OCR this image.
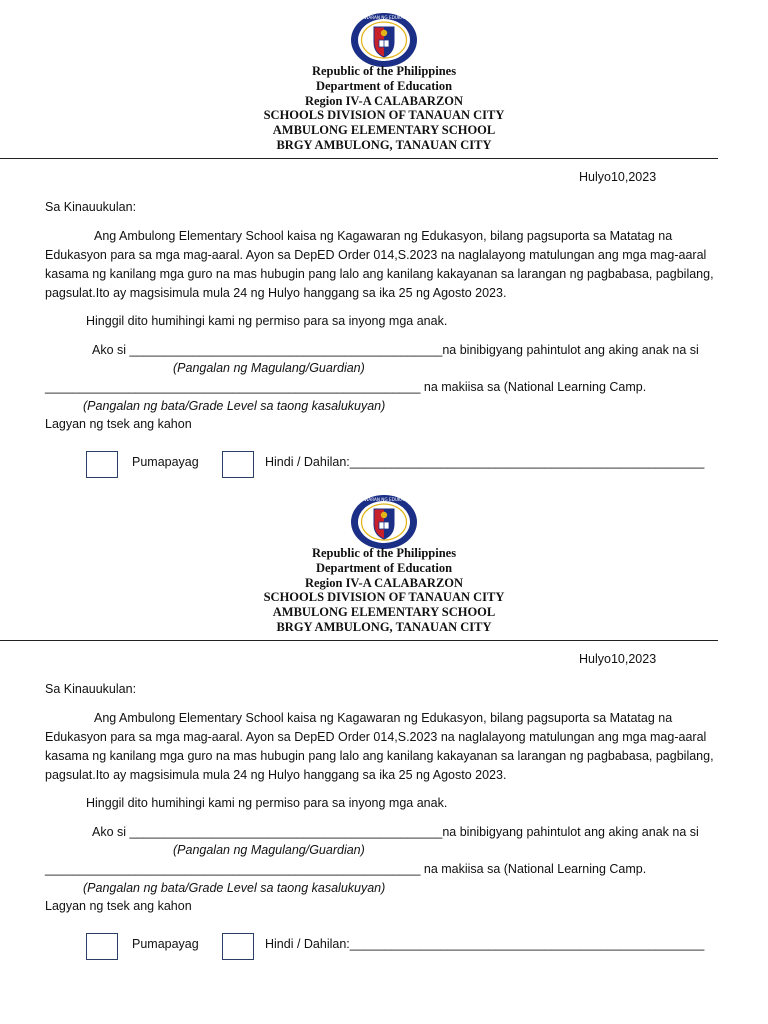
KAGAWARAN NG EDUKASYON
Republic of the Philippines
Department of Education
Region IV-A CALABARZON
SCHOOLS DIVISION OF TANAUAN CITY
AMBULONG ELEMENTARY SCHOOL
BRGY AMBULONG, TANAUAN CITY
Hulyo10,2023
Sa Kinauukulan:
Ang Ambulong Elementary School kaisa ng Kagawaran ng Edukasyon, bilang pagsuporta sa Matatag na
Edukasyon para sa mga mag-aaral. Ayon sa DepED Order 014,S.2023 na naglalayong matulungan ang mga mag-aaral
kasama ng kanilang mga guro na mas hubugin pang lalo ang kanilang kakayanan sa larangan ng pagbabasa, pagbilang,
pagsulat.Ito ay magsisimula mula 24 ng Hulyo hanggang sa ika 25 ng Agosto 2023.
Hinggil dito humihingi kami ng permiso para sa inyong mga anak.
Ako si _____________________________________________na binibigyang pahintulot ang aking anak na si
(Pangalan ng Magulang/Guardian)
______________________________________________________ na makiisa sa (National Learning Camp.
(Pangalan ng bata/Grade Level sa taong kasalukuyan)
Lagyan ng tsek ang kahon
Pumapayag	Hindi / Dahilan:___________________________________________________
KAGAWARAN NG EDUKASYON
Republic of the Philippines
Department of Education
Region IV-A CALABARZON
SCHOOLS DIVISION OF TANAUAN CITY
AMBULONG ELEMENTARY SCHOOL
BRGY AMBULONG, TANAUAN CITY
Hulyo10,2023
Sa Kinauukulan:
Ang Ambulong Elementary School kaisa ng Kagawaran ng Edukasyon, bilang pagsuporta sa Matatag na
Edukasyon para sa mga mag-aaral. Ayon sa DepED Order 014,S.2023 na naglalayong matulungan ang mga mag-aaral
kasama ng kanilang mga guro na mas hubugin pang lalo ang kanilang kakayanan sa larangan ng pagbabasa, pagbilang,
pagsulat.Ito ay magsisimula mula 24 ng Hulyo hanggang sa ika 25 ng Agosto 2023.
Hinggil dito humihingi kami ng permiso para sa inyong mga anak.
Ako si _____________________________________________na binibigyang pahintulot ang aking anak na si
(Pangalan ng Magulang/Guardian)
______________________________________________________ na makiisa sa (National Learning Camp.
(Pangalan ng bata/Grade Level sa taong kasalukuyan)
Lagyan ng tsek ang kahon
Pumapayag	Hindi / Dahilan:___________________________________________________
